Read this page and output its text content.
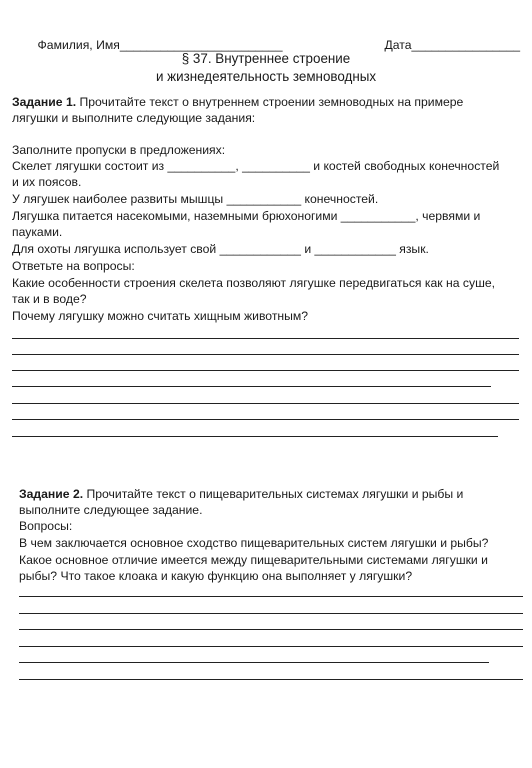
Фамилия, Имя________________________
	Дата________________

§ 37. Внутреннее строение
и жизнедеятельность земноводных
Задание 1. Прочитайте текст о внутреннем строении земноводных на примере
лягушки и выполните следующие задания:
Заполните пропуски в предложениях:
Скелет лягушки состоит из __________, __________ и костей свободных конечностей
и их поясов.
У лягушек наиболее развиты мышцы ___________ конечностей.
Лягушка питается насекомыми, наземными брюхоногими ___________, червями и
пауками.
Для охоты лягушка использует свой ____________ и ____________ язык.
Ответьте на вопросы:
Какие особенности строения скелета позволяют лягушке передвигаться как на суше,
так и в воде?
Почему лягушку можно считать хищным животным?
Задание 2. Прочитайте текст о пищеварительных системах лягушки и рыбы и
выполните следующее задание.
Вопросы:
В чем заключается основное сходство пищеварительных систем лягушки и рыбы?
Какое основное отличие имеется между пищеварительными системами лягушки и
рыбы? Что такое клоака и какую функцию она выполняет у лягушки?
